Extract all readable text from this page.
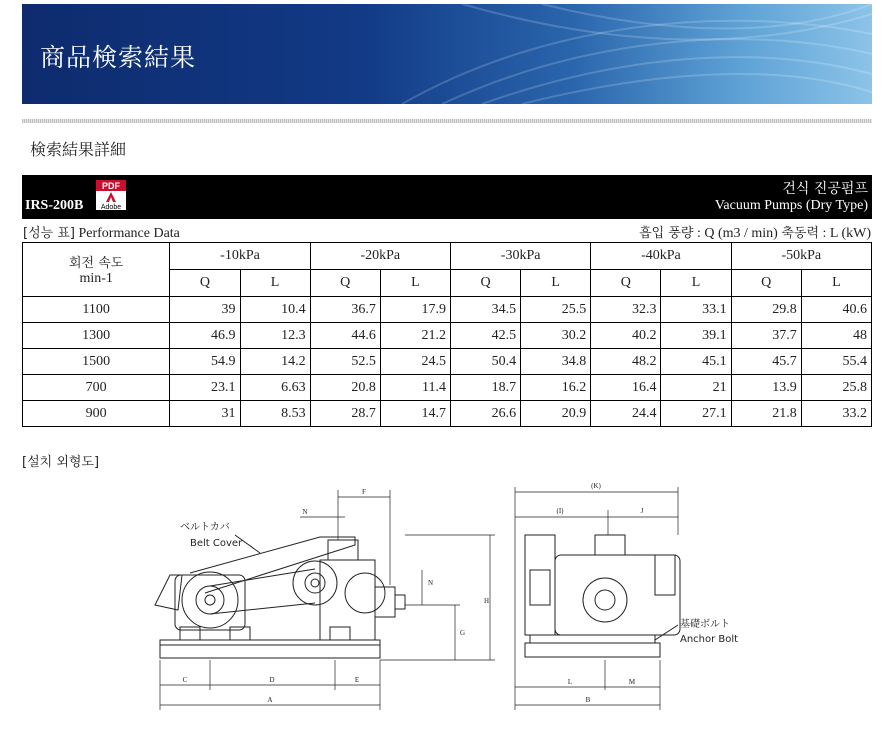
商品検索結果
検索結果詳細
IRS-200B
PDF
Adobe
건식 진공펌프
Vacuum Pumps (Dry Type)
[성능 표] Performance Data	흡입 풍량 : Q (m3 / min) 축동력 : L (kW)
회전 속도
min-1	-10kPa		-20kPa		-30kPa		-40kPa		-50kPa	
	Q	L	Q	L	Q	L	Q	L	Q	L
1100	39	10.4	36.7	17.9	34.5	25.5	32.3	33.1	29.8	40.6
1300	46.9	12.3	44.6	21.2	42.5	30.2	40.2	39.1	37.7	48
1500	54.9	14.2	52.5	24.5	50.4	34.8	48.2	45.1	45.7	55.4
700	23.1	6.63	20.8	11.4	18.7	16.2	16.4	21	13.9	25.8
900	31	8.53	28.7	14.7	26.6	20.9	24.4	27.1	21.8	33.2
[설치 외형도]
C	D	E
A
F
N
N
G
H
ベルトカバ
Belt Cover
(K)
(I)	J
L	M
B
基礎ボルト
Anchor Bolt
